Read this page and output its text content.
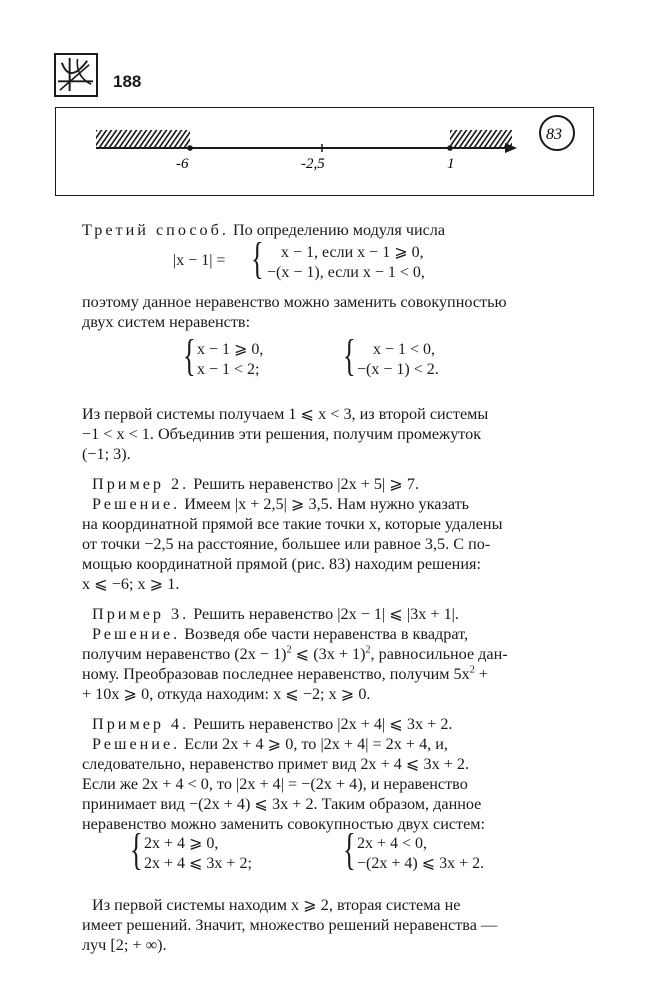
188
-6	-2,5	1
83
Третий способ. По определению модуля числа
|x − 1| = { x − 1, если x − 1 ⩾ 0,
−(x − 1), если x − 1 < 0,
поэтому данное неравенство можно заменить совокупностью
двух систем неравенств:
{ x − 1 ⩾ 0,
x − 1 < 2; { x − 1 < 0,
−(x − 1) < 2.
Из первой системы получаем 1 ⩽ x < 3, из второй системы
−1 < x < 1. Объединив эти решения, получим промежуток
(−1; 3).
Пример 2. Решить неравенство |2x + 5| ⩾ 7.
Решение. Имеем |x + 2,5| ⩾ 3,5. Нам нужно указать
на координатной прямой все такие точки x, которые удалены
от точки −2,5 на расстояние, большее или равное 3,5. С по-
мощью координатной прямой (рис. 83) находим решения:
x ⩽ −6; x ⩾ 1.
Пример 3. Решить неравенство |2x − 1| ⩽ |3x + 1|.
Решение. Возведя обе части неравенства в квадрат,
получим неравенство $(2x - 1)^2$ ⩽ $(3x + 1)^2$, равносильное дан-
ному. Преобразовав последнее неравенство, получим $5x^2$ +
+ 10x ⩾ 0, откуда находим: x ⩽ −2; x ⩾ 0.
Пример 4. Решить неравенство |2x + 4| ⩽ 3x + 2.
Решение. Если 2x + 4 ⩾ 0, то |2x + 4| = 2x + 4, и,
следовательно, неравенство примет вид 2x + 4 ⩽ 3x + 2.
Если же 2x + 4 < 0, то |2x + 4| = −(2x + 4), и неравенство
принимает вид −(2x + 4) ⩽ 3x + 2. Таким образом, данное
неравенство можно заменить совокупностью двух систем:
{ 2x + 4 ⩾ 0,
2x + 4 ⩽ 3x + 2; { 2x + 4 < 0,
−(2x + 4) ⩽ 3x + 2.
Из первой системы находим x ⩾ 2, вторая система не
имеет решений. Значит, множество решений неравенства —
луч [2; + ∞).
